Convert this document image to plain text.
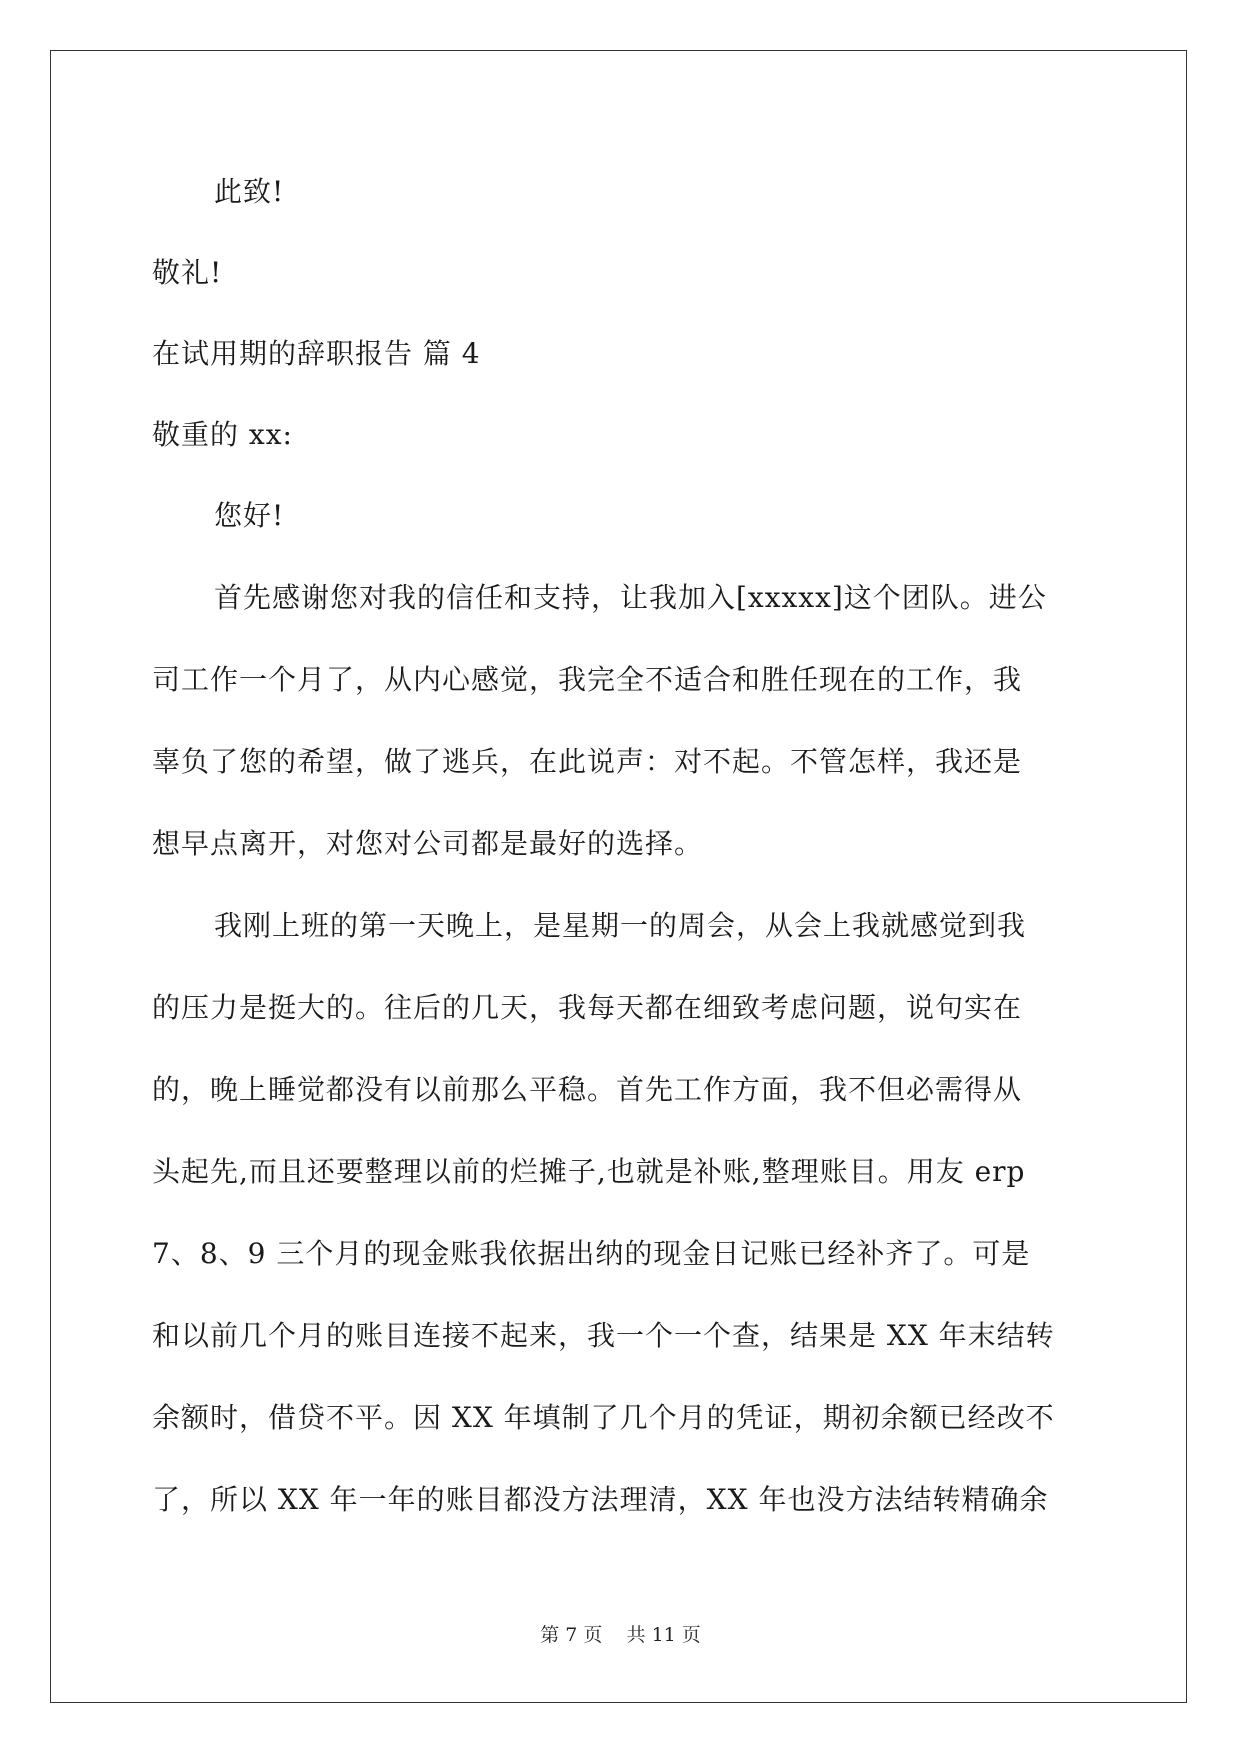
此致!
敬礼!
在试用期的辞职报告 篇 4
敬重的 xx:
您好!
首先感谢您对我的信任和支持，让我加入[xxxxx]这个团队。进公
司工作一个月了，从内心感觉，我完全不适合和胜任现在的工作，我
辜负了您的希望，做了逃兵，在此说声：对不起。不管怎样，我还是
想早点离开，对您对公司都是最好的选择。
我刚上班的第一天晚上，是星期一的周会，从会上我就感觉到我
的压力是挺大的。往后的几天，我每天都在细致考虑问题，说句实在
的，晚上睡觉都没有以前那么平稳。首先工作方面，我不但必需得从
头起先,而且还要整理以前的烂摊子,也就是补账,整理账目。用友 erp
7、8、9 三个月的现金账我依据出纳的现金日记账已经补齐了。可是
和以前几个月的账目连接不起来，我一个一个查，结果是 XX 年末结转
余额时，借贷不平。因 XX 年填制了几个月的凭证，期初余额已经改不
了，所以 XX 年一年的账目都没方法理清，XX 年也没方法结转精确余
第 7 页    共 11 页
